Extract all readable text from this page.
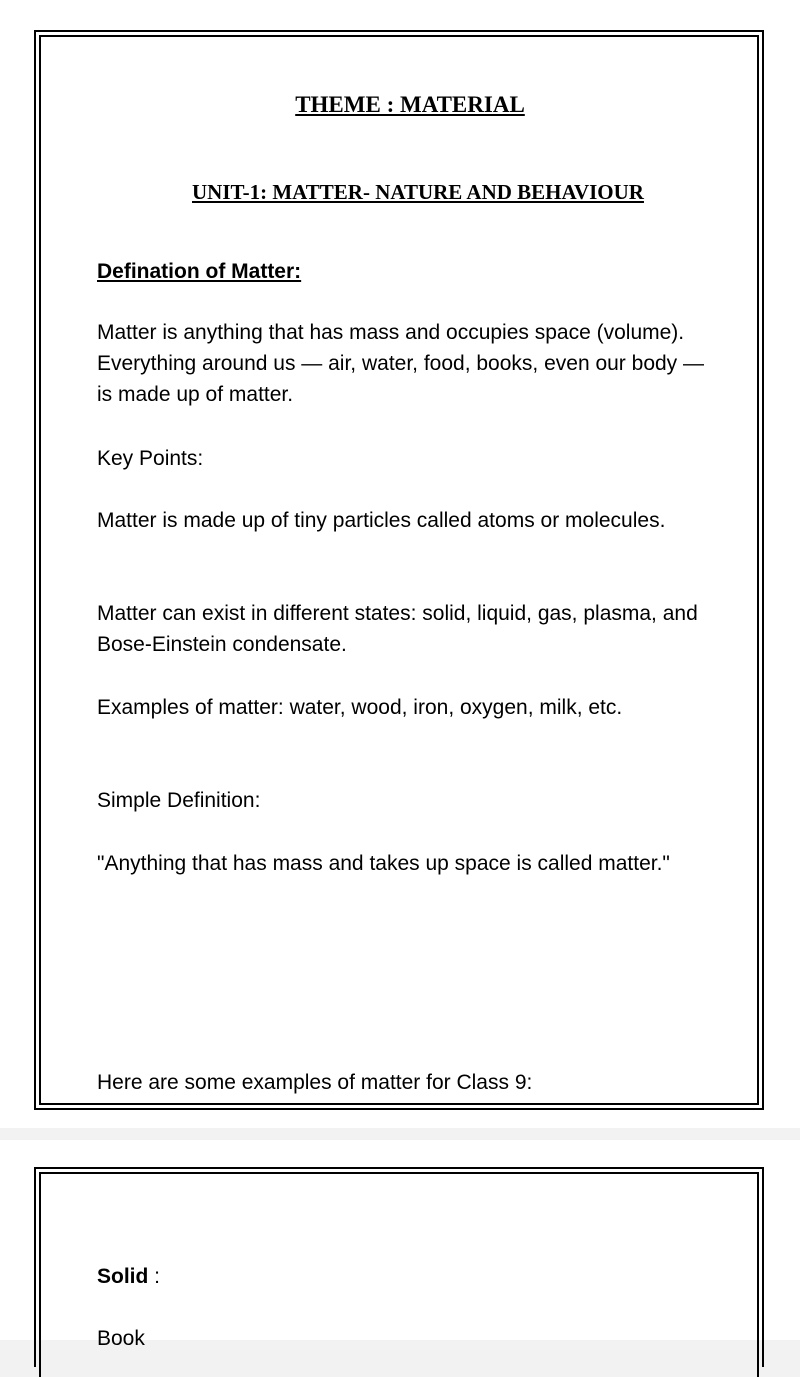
THEME : MATERIAL
UNIT-1: MATTER- NATURE AND BEHAVIOUR
Defination of Matter:
Matter is anything that has mass and occupies space (volume). Everything around us — air, water, food, books, even our body — is made up of matter.
Key Points:
Matter is made up of tiny particles called atoms or molecules.
Matter can exist in different states: solid, liquid, gas, plasma, and Bose-Einstein condensate.
Examples of matter: water, wood, iron, oxygen, milk, etc.
Simple Definition:
"Anything that has mass and takes up space is called matter."
Here are some examples of matter for Class 9:
Solid :
Book
